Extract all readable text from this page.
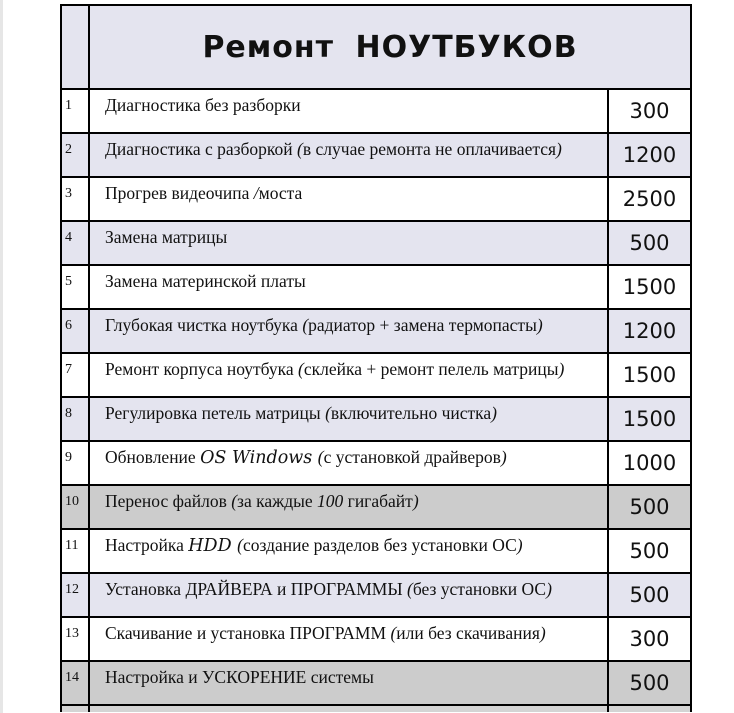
	Ремонт НОУТБУКОВ	
1	Диагностика без разборки	300
2	Диагностика с разборкой (в случае ремонта не оплачивается)	1200
3	Прогрев видеочипа /моста	2500
4	Замена матрицы	500
5	Замена материнской платы	1500
6	Глубокая чистка ноутбука (радиатор + замена термопасты)	1200
7	Ремонт корпуса ноутбука (склейка + ремонт пелель матрицы)	1500
8	Регулировка петель матрицы (включительно чистка)	1500
9	Обновление OS Windows (с установкой драйверов)	1000
10	Перенос файлов (за каждые 100 гигабайт)	500
11	Настройка HDD (создание разделов без установки ОС)	500
12	Установка ДРАЙВЕРА и ПРОГРАММЫ (без установки ОС)	500
13	Скачивание и установка ПРОГРАММ (или без скачивания)	300
14	Настройка и УСКОРЕНИЕ системы	500
